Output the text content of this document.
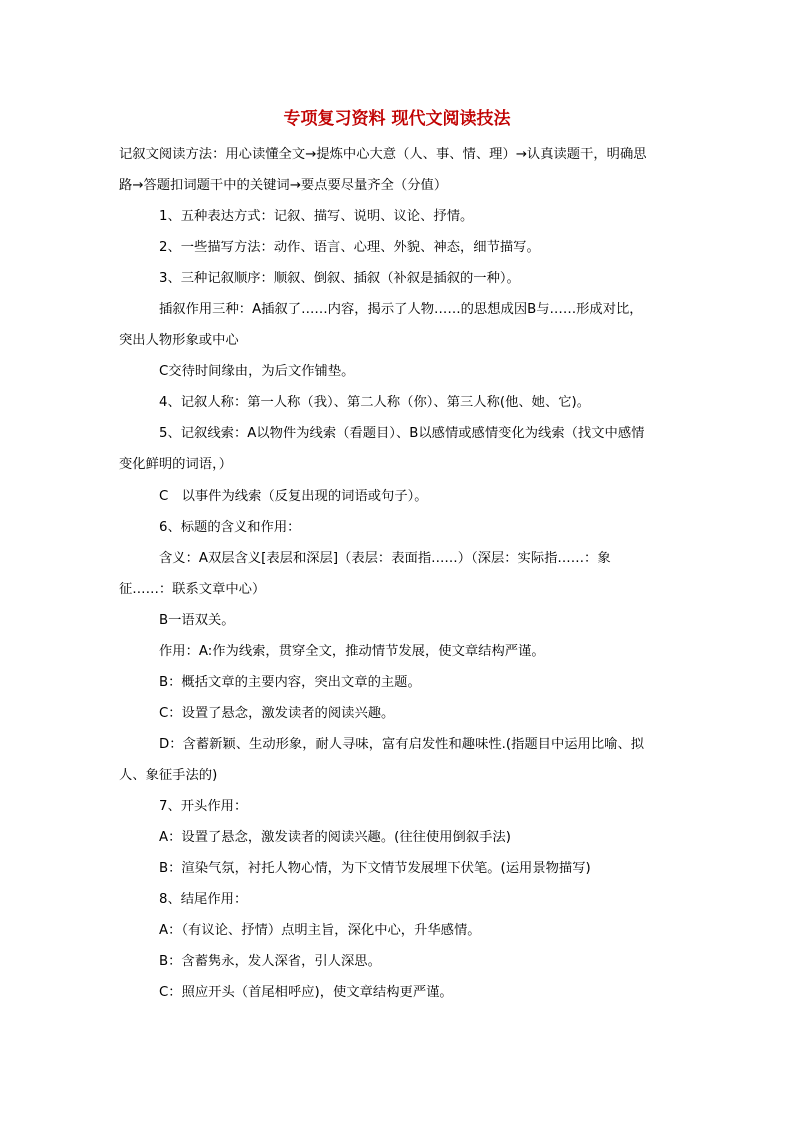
专项复习资料 现代文阅读技法

记叙文阅读方法：用心读懂全文→提炼中心大意（人、事、情、理）→认真读题干，明确思

路→答题扣词题干中的关键词→要点要尽量齐全（分值）

1、五种表达方式：记叙、描写、说明、议论、抒情。

2、一些描写方法：动作、语言、心理、外貌、神态，细节描写。

3、三种记叙顺序：顺叙、倒叙、插叙（补叙是插叙的一种）。

插叙作用三种：A插叙了……内容，揭示了人物……的思想成因B与……形成对比，

突出人物形象或中心

C交待时间缘由，为后文作铺垫。

4、记叙人称：第一人称（我）、第二人称（你）、第三人称(他、她、它)。

5、记叙线索：A以物件为线索（看题目）、B以感情或感情变化为线索（找文中感情

变化鲜明的词语，）

C　以事件为线索（反复出现的词语或句子）。

6、标题的含义和作用：

含义：A双层含义[表层和深层]（表层：表面指……）（深层：实际指……：象

征……：联系文章中心）

B一语双关。

作用：A:作为线索，贯穿全文，推动情节发展，使文章结构严谨。

B：概括文章的主要内容，突出文章的主题。

C：设置了悬念，激发读者的阅读兴趣。

D：含蓄新颖、生动形象，耐人寻味，富有启发性和趣味性.(指题目中运用比喻、拟

人、象征手法的)

7、开头作用：

A：设置了悬念，激发读者的阅读兴趣。(往往使用倒叙手法)

B：渲染气氛，衬托人物心情，为下文情节发展埋下伏笔。(运用景物描写)

8、结尾作用：

A：（有议论、抒情）点明主旨，深化中心，升华感情。

B：含蓄隽永，发人深省，引人深思。

C：照应开头（首尾相呼应)，使文章结构更严谨。
